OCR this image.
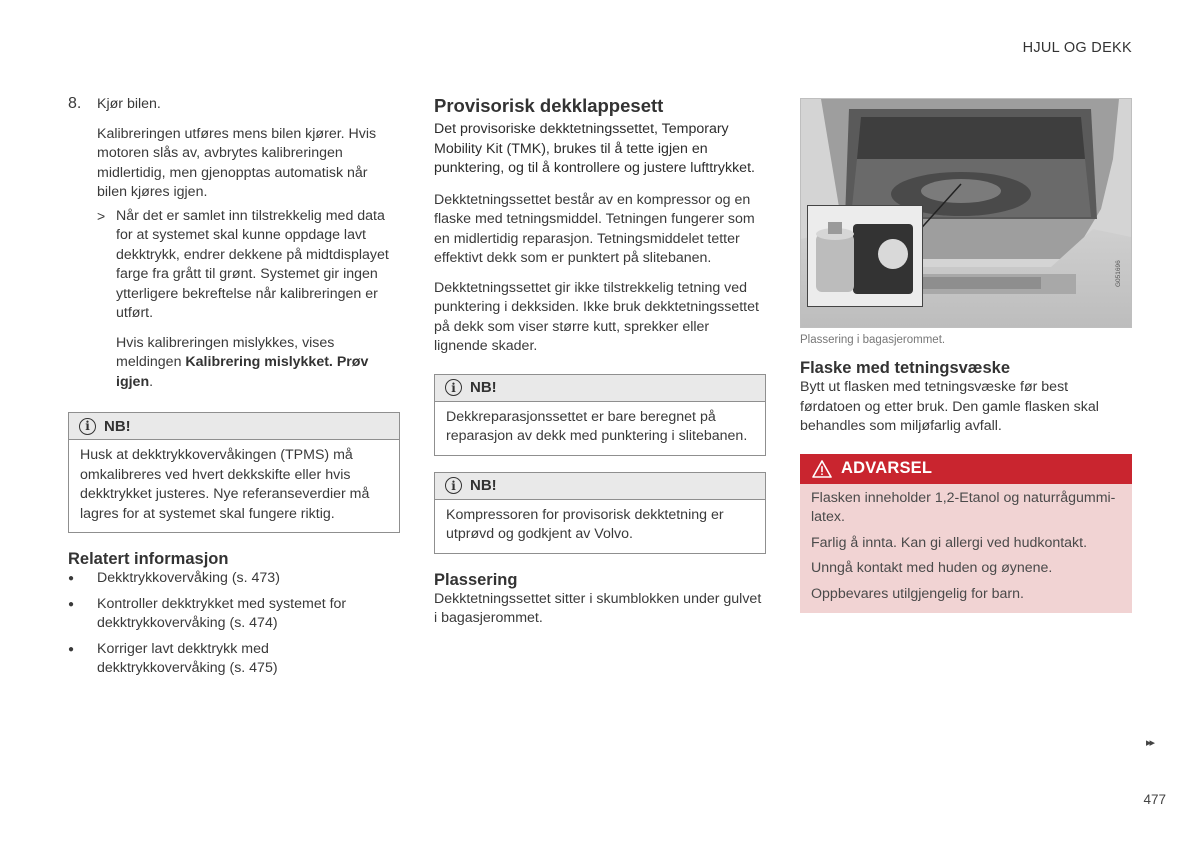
HJUL OG DEKK
8.	Kjør bilen.

Kalibreringen utføres mens bilen kjører. Hvis motoren slås av, avbrytes kalibreringen midlertidig, men gjenopptas automatisk når bilen kjøres igjen.

> Når det er samlet inn tilstrekkelig med data for at systemet skal kunne oppdage lavt dekktrykk, endrer dekkene på midtdisplayet farge fra grått til grønt. Systemet gir ingen ytterligere bekreftelse når kalibreringen er utført.

Hvis kalibreringen mislykkes, vises meldingen Kalibrering mislykket. Prøv igjen.

i NB!

Husk at dekktrykkovervåkingen (TPMS) må omkalibreres ved hvert dekkskifte eller hvis dekktrykket justeres. Nye referanseverdier må lagres for at systemet skal fungere riktig.

Relatert informasjon
●	Dekktrykkovervåking (s. 473)

●	Kontroller dekktrykket med systemet for dekktrykkovervåking (s. 474)

●	Korriger lavt dekktrykk med dekktrykkovervåking (s. 475)

Provisorisk dekklappesett

Det provisoriske dekktetningssettet, Temporary Mobility Kit (TMK), brukes til å tette igjen en punktering, og til å kontrollere og justere lufttrykket.

Dekktetningssettet består av en kompressor og en flaske med tetningsmiddel. Tetningen fungerer som en midlertidig reparasjon. Tetningsmiddelet tetter effektivt dekk som er punktert på slitebanen.

Dekktetningssettet gir ikke tilstrekkelig tetning ved punktering i dekksiden. Ikke bruk dekktetningssettet på dekk som viser større kutt, sprekker eller lignende skader.

i NB!

Dekkreparasjonssettet er bare beregnet på reparasjon av dekk med punktering i slitebanen.

i NB!

Kompressoren for provisorisk dekktetning er utprøvd og godkjent av Volvo.

Plassering

Dekktetningssettet sitter i skumblokken under gulvet i bagasjerommet.

G051696
Plassering i bagasjerommet.
Flaske med tetningsvæske

Bytt ut flasken med tetningsvæske før best førdatoen og etter bruk. Den gamle flasken skal behandles som miljøfarlig avfall.

ADVARSEL

Flasken inneholder 1,2-Etanol og naturrågummi-latex.

Farlig å innta. Kan gi allergi ved hudkontakt.

Unngå kontakt med huden og øynene.

Oppbevares utilgjengelig for barn.

▸▸
477
